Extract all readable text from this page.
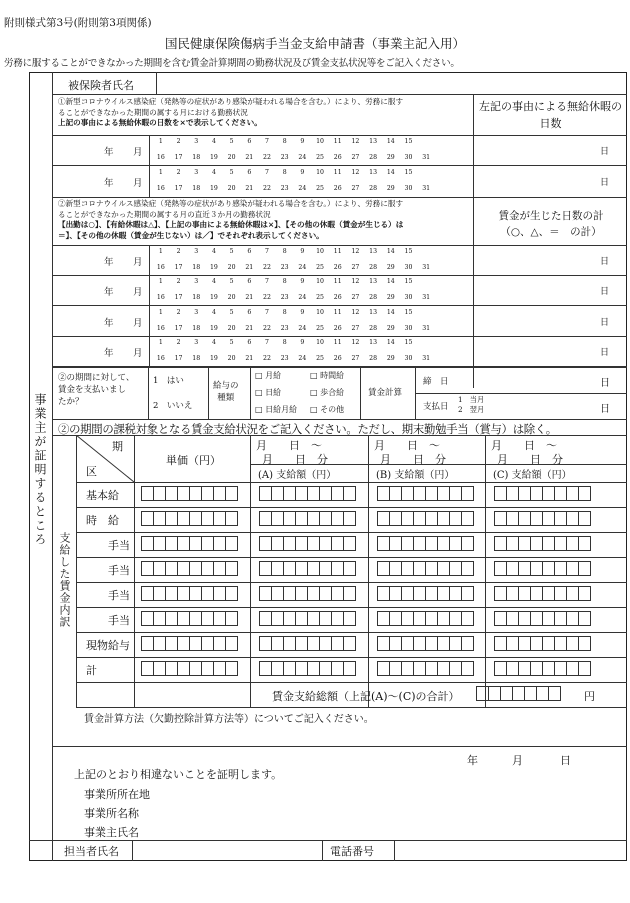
附則様式第3号(附則第3項関係)
国民健康保険傷病手当金支給申請書（事業主記入用）
労務に服することができなかった期間を含む賃金計算期間の勤務状況及び賃金支払状況等をご記入ください。
被保険者氏名
事業主が証明するところ
①新型コロナウイルス感染症（発熱等の症状があり感染が疑われる場合を含む。）により、労務に服す
ることができなかった期間の属する月における勤務状況
上記の事由による無給休暇の日数を×で表示してください。
左記の事由による無給休暇の日数
年 月
1	2	3	4	5	6	7	8	9	10	11	12	13	14	15
16	17	18	19	20	21	22	23	24	25	26	27	28	29	30	31
日
年 月
1	2	3	4	5	6	7	8	9	10	11	12	13	14	15
16	17	18	19	20	21	22	23	24	25	26	27	28	29	30	31
日
年 月
1	2	3	4	5	6	7	8	9	10	11	12	13	14	15
16	17	18	19	20	21	22	23	24	25	26	27	28	29	30	31
日
年 月
1	2	3	4	5	6	7	8	9	10	11	12	13	14	15
16	17	18	19	20	21	22	23	24	25	26	27	28	29	30	31
日
年 月
1	2	3	4	5	6	7	8	9	10	11	12	13	14	15
16	17	18	19	20	21	22	23	24	25	26	27	28	29	30	31
日
年 月
1	2	3	4	5	6	7	8	9	10	11	12	13	14	15
16	17	18	19	20	21	22	23	24	25	26	27	28	29	30	31
日
②新型コロナウイルス感染症（発熱等の症状があり感染が疑われる場合を含む。）により、労務に服す
ることができなかった期間の属する月の直近３か月の勤務状況
【出勤は○】、【有給休暇は△】、【上記の事由による無給休暇は×】、【その他の休暇（賃金が生じる）は
＝】、【その他の休暇（賃金が生じない）は／】でそれぞれ表示してください。
賃金が生じた日数の計
（○、△、＝　の計）
②の期間に対して、
賃金を支払いまし
たか？
1　はい
2　いいえ
給与の
種類
□ 月給	□ 時間給
□ 日給	□ 歩合給
□ 日給月給 □ その他
賃金計算
締　日	日
支払日
1　当月
2　翌月	日
②の期間の課税対象となる賃金支給状況をご記入ください。ただし、期末勤勉手当（賞与）は除く。
支給した賃金内訳
期
区
単価（円）
月　　日　～
月　　日　分
(A) 支給額（円）
月　　日　～
月　　日　分
(B) 支給額（円）
月　　日　～
月　　日　分
(C) 支給額（円）
基本給
時　給
手当
手当
手当
手当
現物給与
計
賃金支給総額（上記(A)～(C)の合計）	円
賃金計算方法（欠勤控除計算方法等）についてご記入ください。
年	月	日
上記のとおり相違ないことを証明します。
事業所所在地
事業所名称
事業主氏名
担当者氏名	電話番号
